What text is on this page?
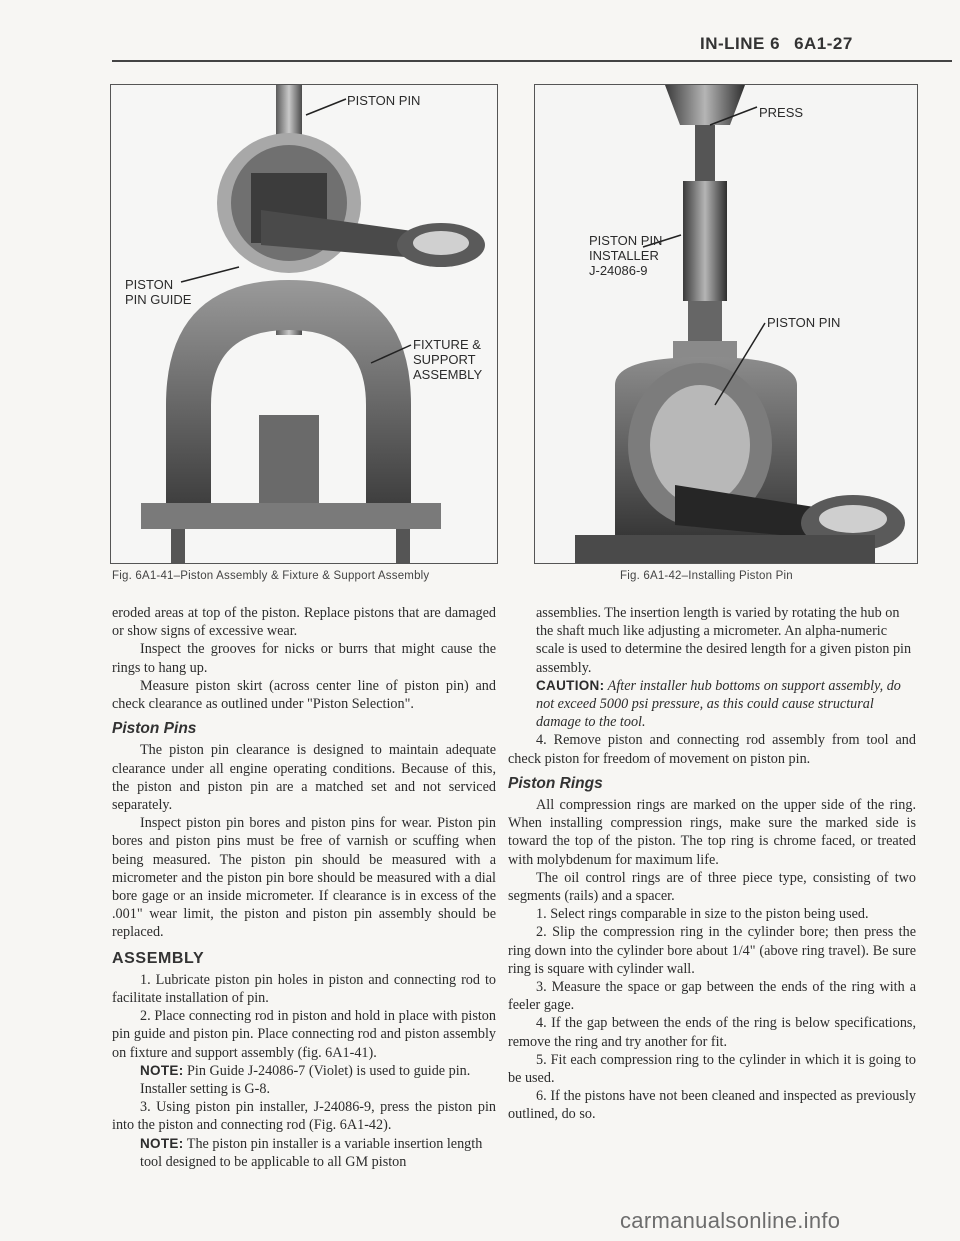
IN-LINE 6 6A1-27
PISTON PIN
PISTON
PIN GUIDE
FIXTURE &
SUPPORT
ASSEMBLY
Fig. 6A1-41–Piston Assembly & Fixture & Support Assembly
PRESS
PISTON PIN
INSTALLER
J-24086-9
PISTON PIN
Fig. 6A1-42–Installing Piston Pin

eroded areas at top of the piston. Replace pistons that are damaged or show signs of excessive wear.

Inspect the grooves for nicks or burrs that might cause the rings to hang up.

Measure piston skirt (across center line of piston pin) and check clearance as outlined under "Piston Selection".

Piston Pins

The piston pin clearance is designed to maintain adequate clearance under all engine operating conditions. Because of this, the piston and piston pin are a matched set and not serviced separately.

Inspect piston pin bores and piston pins for wear. Piston pin bores and piston pins must be free of varnish or scuffing when being measured. The piston pin should be measured with a micrometer and the piston pin bore should be measured with a dial bore gage or an inside micrometer. If clearance is in excess of the .001" wear limit, the piston and piston pin assembly should be replaced.

ASSEMBLY

1. Lubricate piston pin holes in piston and connecting rod to facilitate installation of pin.

2. Place connecting rod in piston and hold in place with piston pin guide and piston pin. Place connecting rod and piston assembly on fixture and support assembly (fig. 6A1-41).

NOTE: Pin Guide J-24086-7 (Violet) is used to guide pin. Installer setting is G-8.

3. Using piston pin installer, J-24086-9, press the piston pin into the piston and connecting rod (Fig. 6A1-42).

NOTE: The piston pin installer is a variable insertion length tool designed to be applicable to all GM piston

assemblies. The insertion length is varied by rotating the hub on the shaft much like adjusting a micrometer. An alpha-numeric scale is used to determine the desired length for a given piston pin assembly.

CAUTION: After installer hub bottoms on support assembly, do not exceed 5000 psi pressure, as this could cause structural damage to the tool.

4. Remove piston and connecting rod assembly from tool and check piston for freedom of movement on piston pin.

Piston Rings

All compression rings are marked on the upper side of the ring. When installing compression rings, make sure the marked side is toward the top of the piston. The top ring is chrome faced, or treated with molybdenum for maximum life.

The oil control rings are of three piece type, consisting of two segments (rails) and a spacer.

1. Select rings comparable in size to the piston being used.

2. Slip the compression ring in the cylinder bore; then press the ring down into the cylinder bore about 1/4" (above ring travel). Be sure ring is square with cylinder wall.

3. Measure the space or gap between the ends of the ring with a feeler gage.

4. If the gap between the ends of the ring is below specifications, remove the ring and try another for fit.

5. Fit each compression ring to the cylinder in which it is going to be used.

6. If the pistons have not been cleaned and inspected as previously outlined, do so.

carmanualsonline.info
